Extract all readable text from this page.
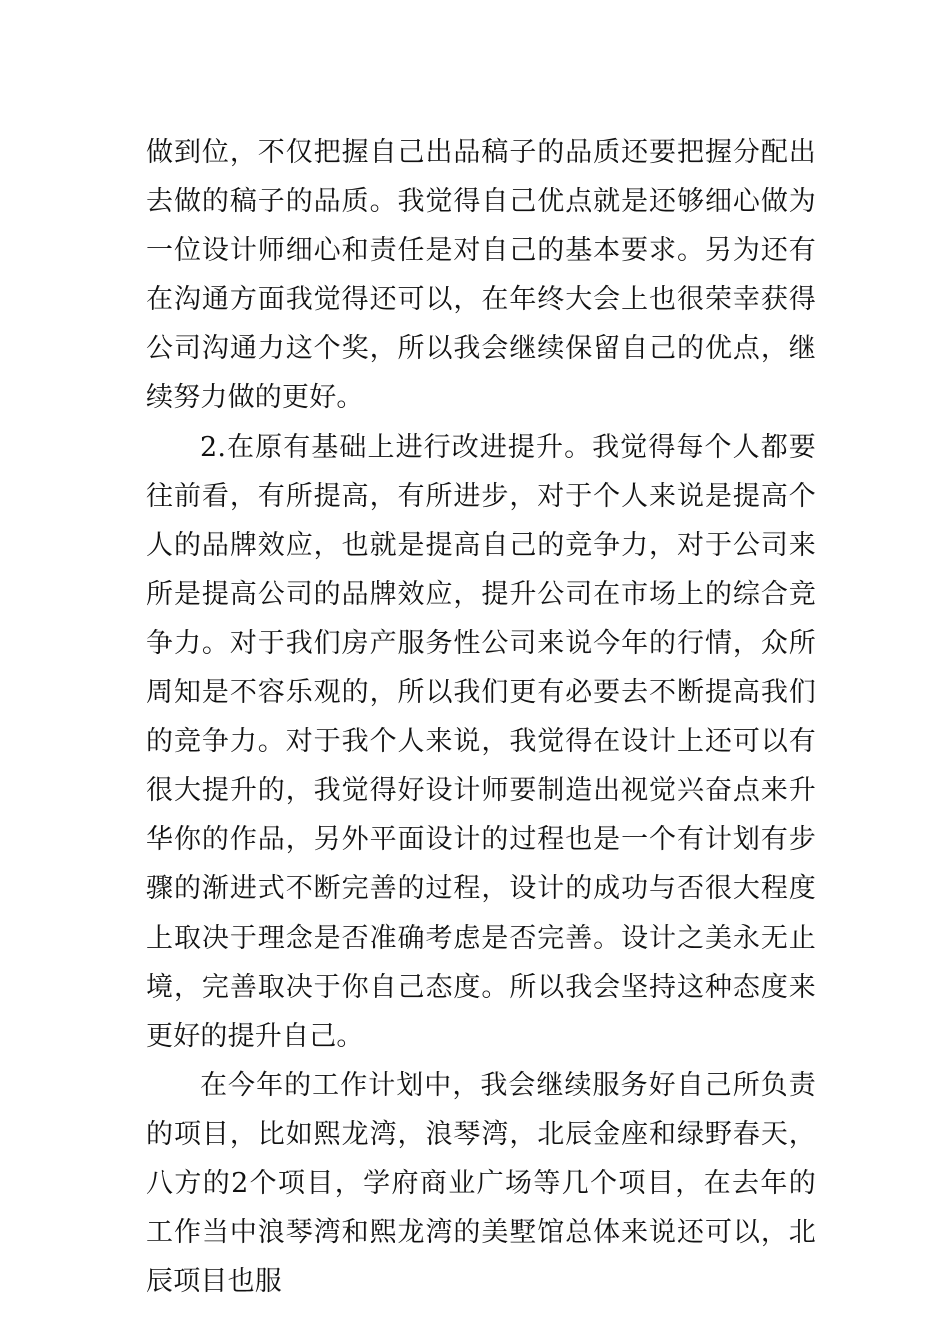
做到位，不仅把握自己出品稿子的品质还要把握分配出去做的稿子的品质。我觉得自己优点就是还够细心做为一位设计师细心和责任是对自己的基本要求。另为还有在沟通方面我觉得还可以，在年终大会上也很荣幸获得公司沟通力这个奖，所以我会继续保留自己的优点，继续努力做的更好。

2.在原有基础上进行改进提升。我觉得每个人都要往前看，有所提高，有所进步，对于个人来说是提高个人的品牌效应，也就是提高自己的竞争力，对于公司来所是提高公司的品牌效应，提升公司在市场上的综合竞争力。对于我们房产服务性公司来说今年的行情，众所周知是不容乐观的，所以我们更有必要去不断提高我们的竞争力。对于我个人来说，我觉得在设计上还可以有很大提升的，我觉得好设计师要制造出视觉兴奋点来升华你的作品，另外平面设计的过程也是一个有计划有步骤的渐进式不断完善的过程，设计的成功与否很大程度上取决于理念是否准确考虑是否完善。设计之美永无止境，完善取决于你自己态度。所以我会坚持这种态度来更好的提升自己。

在今年的工作计划中，我会继续服务好自己所负责的项目，比如熙龙湾，浪琴湾，北辰金座和绿野春天，八方的2个项目，学府商业广场等几个项目，在去年的工作当中浪琴湾和熙龙湾的美墅馆总体来说还可以，北辰项目也服
